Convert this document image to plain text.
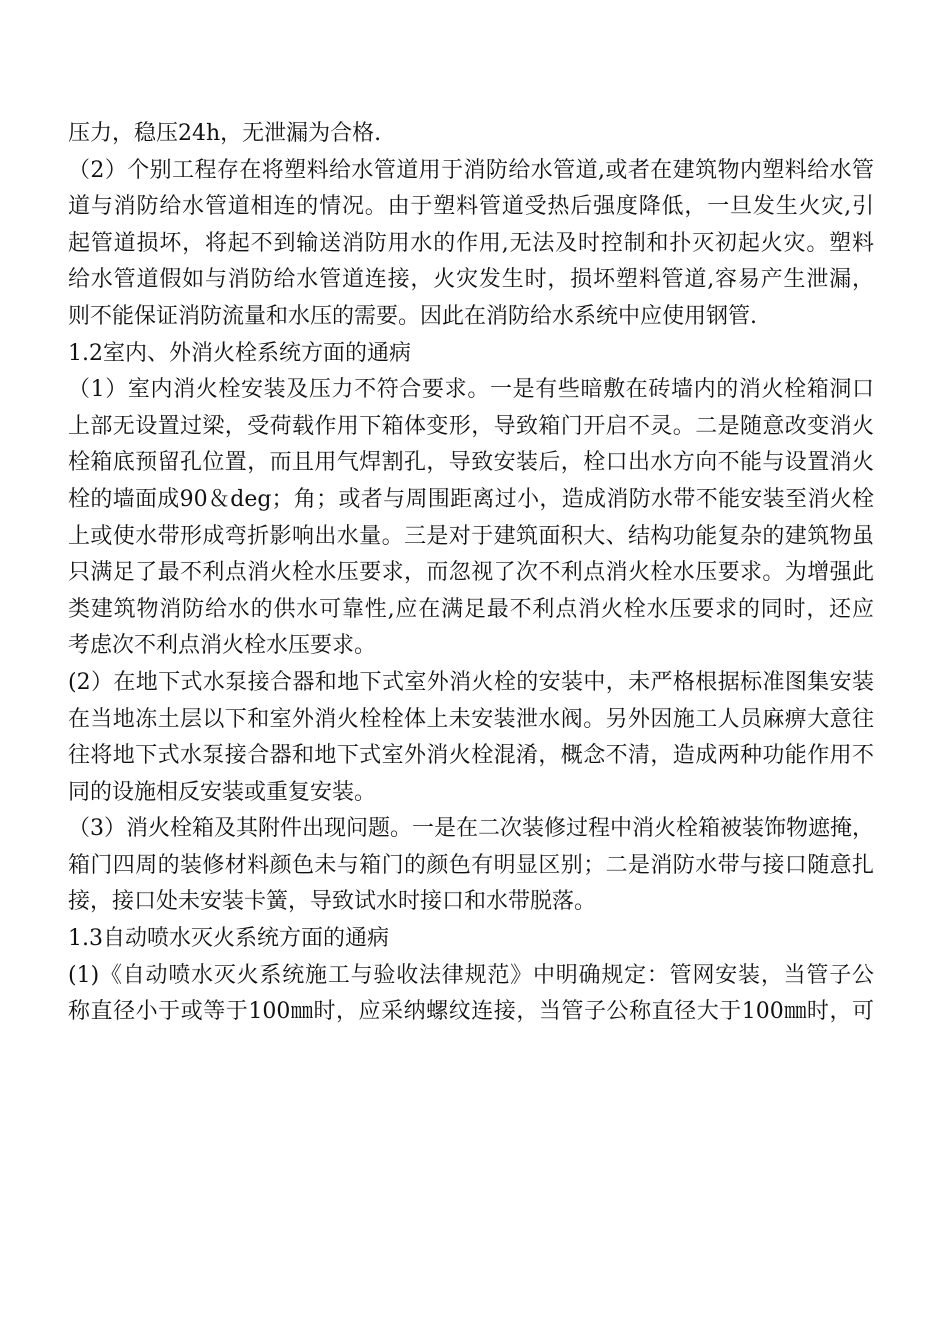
压力，稳压24h，无泄漏为合格.
（2）个别工程存在将塑料给水管道用于消防给水管道,或者在建筑物内塑料给水管
道与消防给水管道相连的情况。由于塑料管道受热后强度降低，一旦发生火灾,引
起管道损坏，将起不到输送消防用水的作用,无法及时控制和扑灭初起火灾。塑料
给水管道假如与消防给水管道连接，火灾发生时，损坏塑料管道,容易产生泄漏，
则不能保证消防流量和水压的需要。因此在消防给水系统中应使用钢管.
1.2室内、外消火栓系统方面的通病
（1）室内消火栓安装及压力不符合要求。一是有些暗敷在砖墙内的消火栓箱洞口
上部无设置过梁，受荷载作用下箱体变形，导致箱门开启不灵。二是随意改变消火
栓箱底预留孔位置，而且用气焊割孔，导致安装后，栓口出水方向不能与设置消火
栓的墙面成90＆deg；角；或者与周围距离过小，造成消防水带不能安装至消火栓
上或使水带形成弯折影响出水量。三是对于建筑面积大、结构功能复杂的建筑物虽
只满足了最不利点消火栓水压要求，而忽视了次不利点消火栓水压要求。为增强此
类建筑物消防给水的供水可靠性,应在满足最不利点消火栓水压要求的同时，还应
考虑次不利点消火栓水压要求。
(2）在地下式水泵接合器和地下式室外消火栓的安装中，未严格根据标准图集安装
在当地冻土层以下和室外消火栓栓体上未安装泄水阀。另外因施工人员麻痹大意往
往将地下式水泵接合器和地下式室外消火栓混淆，概念不清，造成两种功能作用不
同的设施相反安装或重复安装。
（3）消火栓箱及其附件出现问题。一是在二次装修过程中消火栓箱被装饰物遮掩，
箱门四周的装修材料颜色未与箱门的颜色有明显区别；二是消防水带与接口随意扎
接，接口处未安装卡簧，导致试水时接口和水带脱落。
1.3自动喷水灭火系统方面的通病
(1)《自动喷水灭火系统施工与验收法律规范》中明确规定：管网安装，当管子公
称直径小于或等于100㎜时，应采纳螺纹连接，当管子公称直径大于100㎜时，可
